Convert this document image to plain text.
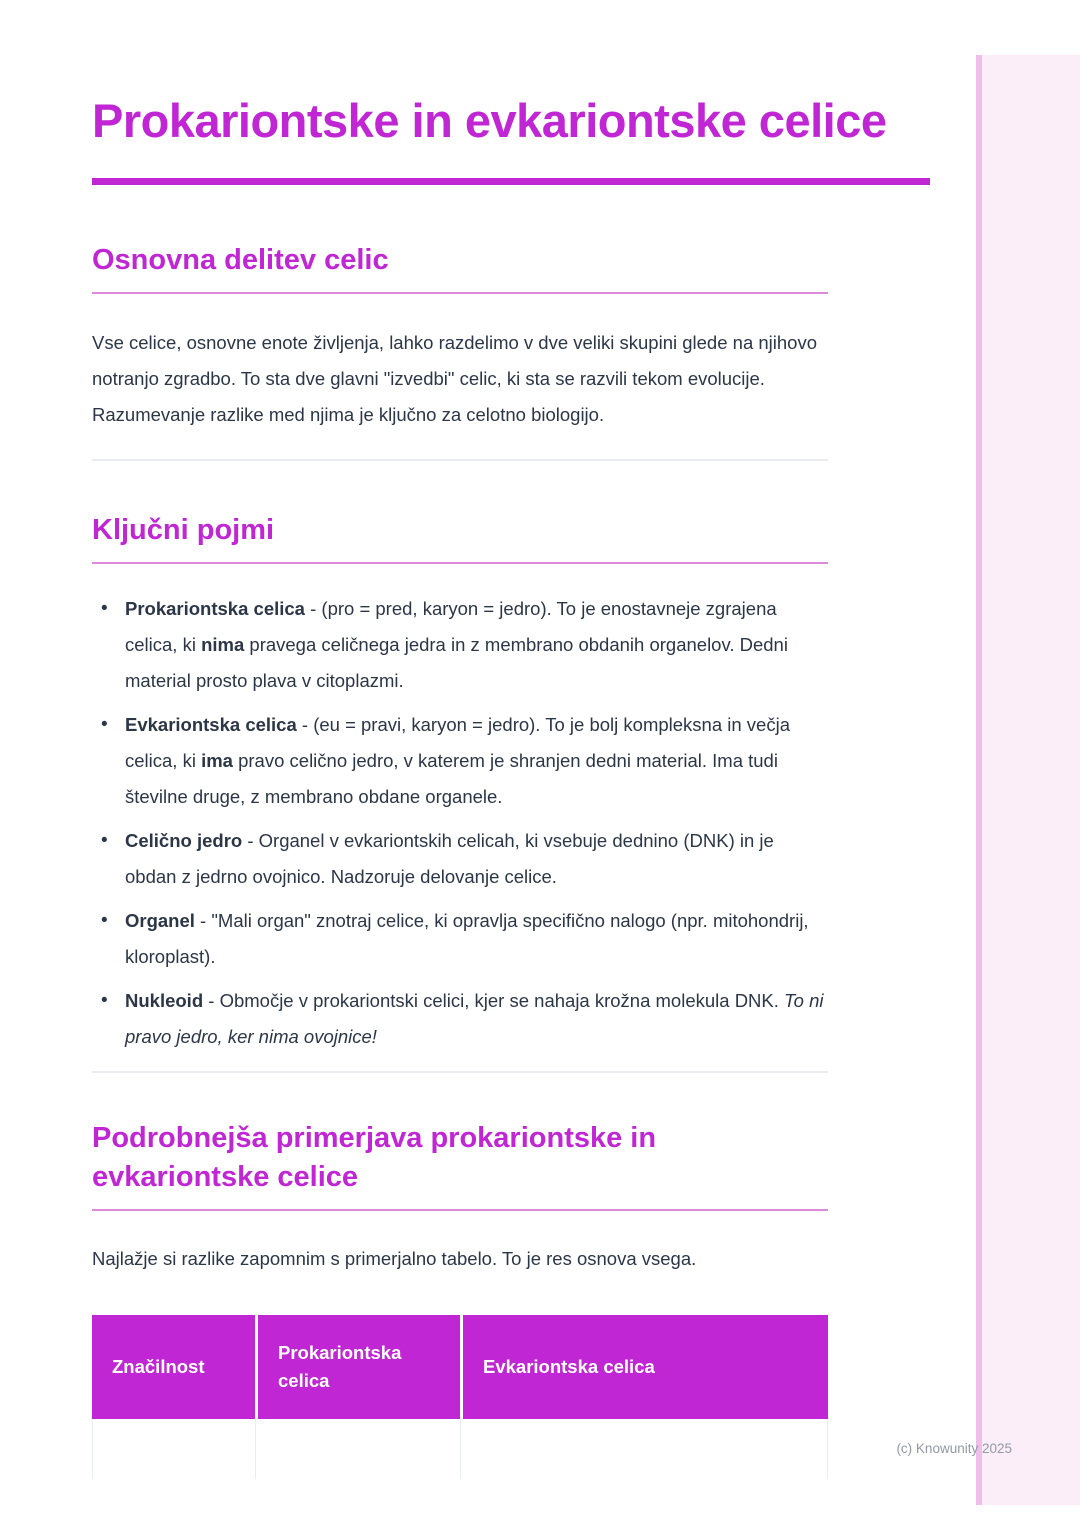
Prokariontske in evkariontske celice
Osnovna delitev celic

Vse celice, osnovne enote življenja, lahko razdelimo v dve veliki skupini glede na njihovo notranjo zgradbo. To sta dve glavni "izvedbi" celic, ki sta se razvili tekom evolucije. Razumevanje razlike med njima je ključno za celotno biologijo.

Ključni pojmi
• Prokariontska celica - (pro = pred, karyon = jedro). To je enostavneje zgrajena celica, ki nima pravega celičnega jedra in z membrano obdanih organelov. Dedni material prosto plava v citoplazmi.
• Evkariontska celica - (eu = pravi, karyon = jedro). To je bolj kompleksna in večja celica, ki ima pravo celično jedro, v katerem je shranjen dedni material. Ima tudi številne druge, z membrano obdane organele.
• Celično jedro - Organel v evkariontskih celicah, ki vsebuje dednino (DNK) in je obdan z jedrno ovojnico. Nadzoruje delovanje celice.
• Organel - "Mali organ" znotraj celice, ki opravlja specifično nalogo (npr. mitohondrij, kloroplast).
• Nukleoid - Območje v prokariontski celici, kjer se nahaja krožna molekula DNK. To ni pravo jedro, ker nima ovojnice!
Podrobnejša primerjava prokariontske in evkariontske celice

Najlažje si razlike zapomnim s primerjalno tabelo. To je res osnova vsega.

Značilnost	Prokariontska celica	Evkariontska celica

(c) Knowunity 2025
